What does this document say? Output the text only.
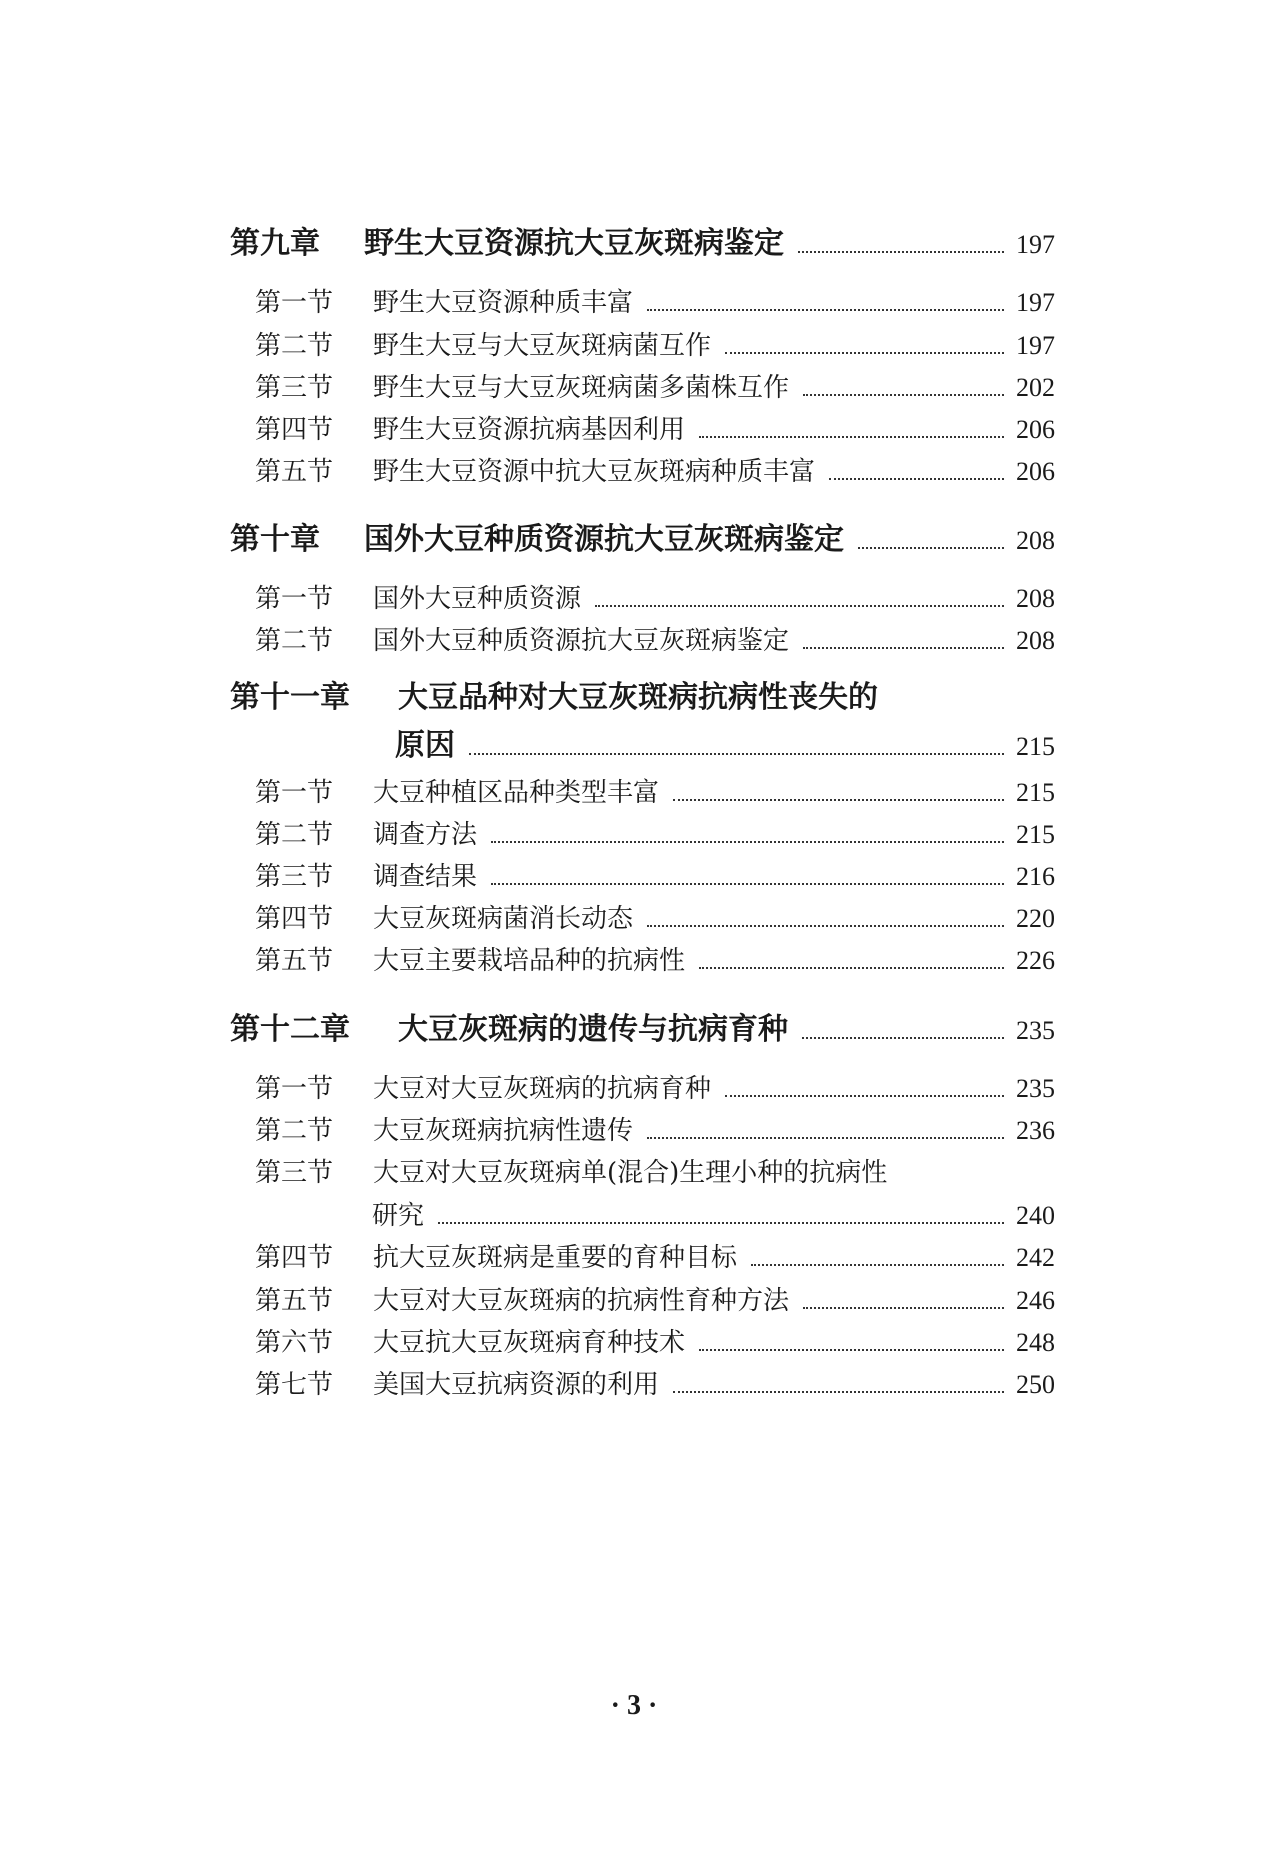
第九章	野生大豆资源抗大豆灰斑病鉴定	197
第一节	野生大豆资源种质丰富	197
第二节	野生大豆与大豆灰斑病菌互作	197
第三节	野生大豆与大豆灰斑病菌多菌株互作	202
第四节	野生大豆资源抗病基因利用	206
第五节	野生大豆资源中抗大豆灰斑病种质丰富	206
第十章	国外大豆种质资源抗大豆灰斑病鉴定	208
第一节	国外大豆种质资源	208
第二节	国外大豆种质资源抗大豆灰斑病鉴定	208
第十一章	大豆品种对大豆灰斑病抗病性丧失的
原因	215
第一节	大豆种植区品种类型丰富	215
第二节	调查方法	215
第三节	调查结果	216
第四节	大豆灰斑病菌消长动态	220
第五节	大豆主要栽培品种的抗病性	226
第十二章	大豆灰斑病的遗传与抗病育种	235
第一节	大豆对大豆灰斑病的抗病育种	235
第二节	大豆灰斑病抗病性遗传	236
第三节	大豆对大豆灰斑病单(混合)生理小种的抗病性
研究	240
第四节	抗大豆灰斑病是重要的育种目标	242
第五节	大豆对大豆灰斑病的抗病性育种方法	246
第六节	大豆抗大豆灰斑病育种技术	248
第七节	美国大豆抗病资源的利用	250
· 3 ·
